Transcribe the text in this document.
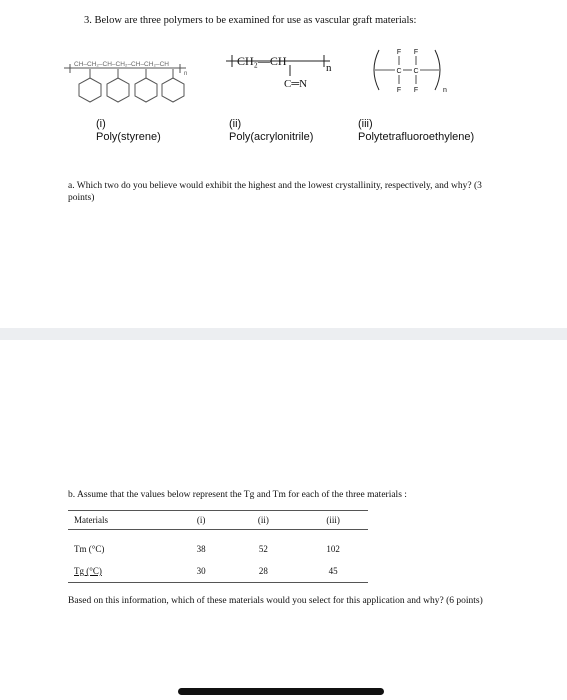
3. Below are three polymers to be examined for use as vascular graft materials:
CH–CH₂–CH–CH₂–CH–CH₂–CH
n
CH₂—CH	n
C═N
F F
C C
F F	n
(i)
Poly(styrene)
(ii)
Poly(acrylonitrile)
(iii)
Polytetrafluoroethylene)
a. Which two do you believe would exhibit the highest and the lowest crystallinity, respectively, and why? (3 points)
b. Assume that the values below represent the Tg and Tm for each of the three materials :
Materials	(i)	(ii)	(iii)

Tm (°C)	38	52	102
Tg (°C)	30	28	45
Based on this information, which of these materials would you select for this application and why? (6 points)
